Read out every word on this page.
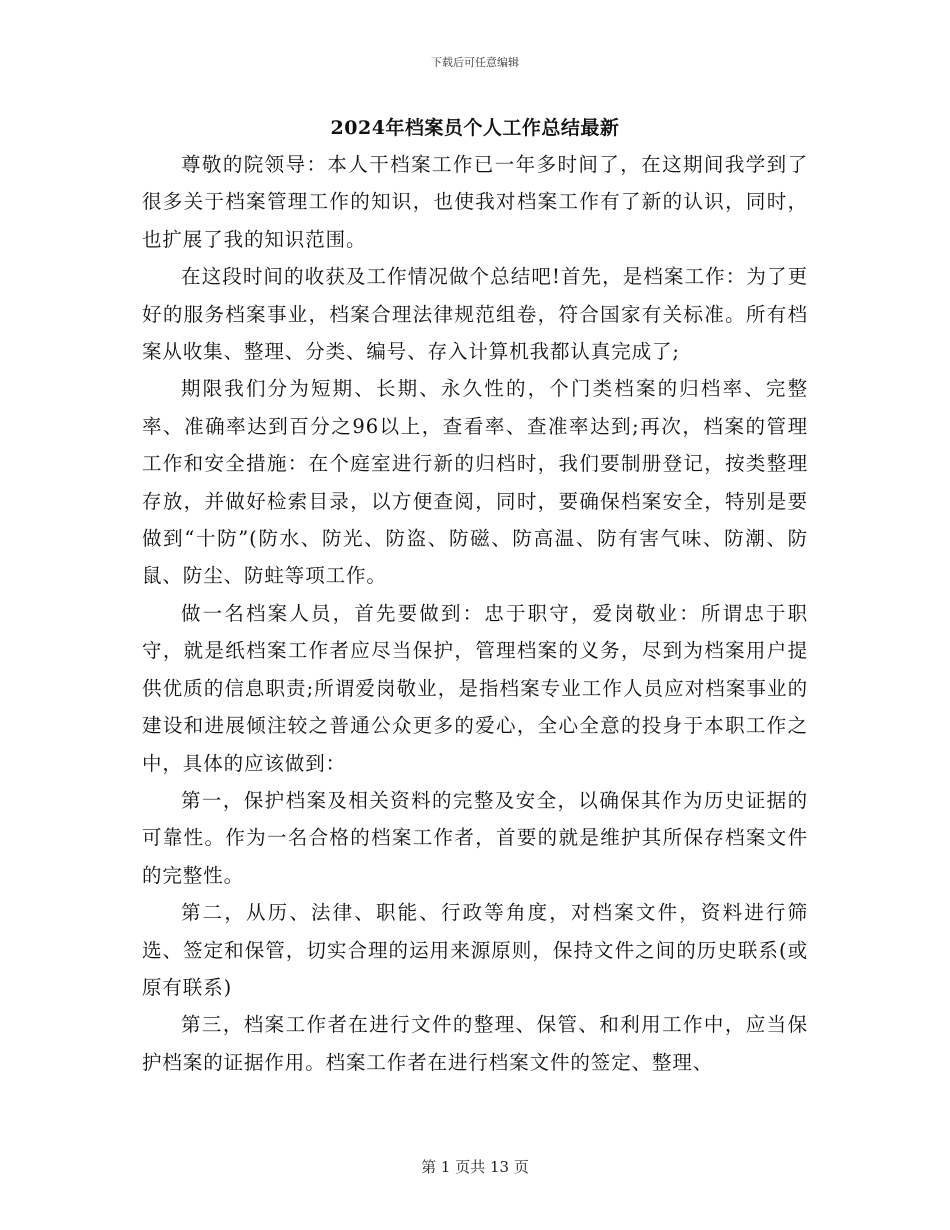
下载后可任意编辑
2024年档案员个人工作总结最新

尊敬的院领导：本人干档案工作已一年多时间了，在这期间我学到了很多关于档案管理工作的知识，也使我对档案工作有了新的认识，同时，也扩展了我的知识范围。

在这段时间的收获及工作情况做个总结吧!首先，是档案工作：为了更好的服务档案事业，档案合理法律规范组卷，符合国家有关标准。所有档案从收集、整理、分类、编号、存入计算机我都认真完成了;

期限我们分为短期、长期、永久性的，个门类档案的归档率、完整率、准确率达到百分之96以上，查看率、查准率达到;再次，档案的管理工作和安全措施：在个庭室进行新的归档时，我们要制册登记，按类整理存放，并做好检索目录，以方便查阅，同时，要确保档案安全，特别是要做到“十防”(防水、防光、防盗、防磁、防高温、防有害气味、防潮、防鼠、防尘、防蛀等项工作。

做一名档案人员，首先要做到：忠于职守，爱岗敬业：所谓忠于职守，就是纸档案工作者应尽当保护，管理档案的义务，尽到为档案用户提供优质的信息职责;所谓爱岗敬业，是指档案专业工作人员应对档案事业的建设和进展倾注较之普通公众更多的爱心，全心全意的投身于本职工作之中，具体的应该做到：

第一，保护档案及相关资料的完整及安全，以确保其作为历史证据的可靠性。作为一名合格的档案工作者，首要的就是维护其所保存档案文件的完整性。

第二，从历、法律、职能、行政等角度，对档案文件，资料进行筛选、签定和保管，切实合理的运用来源原则，保持文件之间的历史联系(或原有联系)

第三，档案工作者在进行文件的整理、保管、和利用工作中，应当保护档案的证据作用。档案工作者在进行档案文件的签定、整理、

第 1 页共 13 页
